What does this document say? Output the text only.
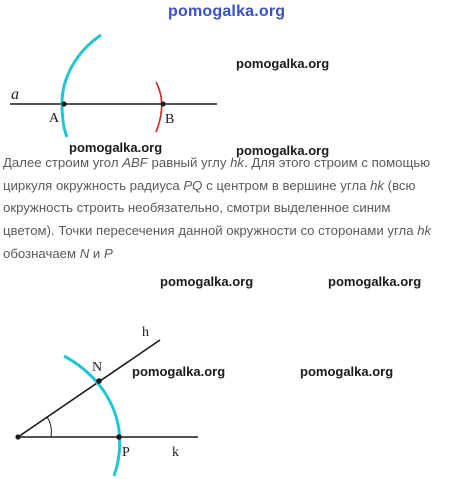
pomogalka.org
a
A	B
pomogalka.org
pomogalka.org	pomogalka.org

Далее строим угол ABF равный углу hk. Для этого строим с помощью циркуля окружность радиуса PQ с центром в вершине угла hk (всю окружность строить необязательно, смотри выделенное синим цветом). Точки пересечения данной окружности со сторонами угла hk обозначаем N и P

pomogalka.org	pomogalka.org
h
k
N
P
pomogalka.org	pomogalka.org
